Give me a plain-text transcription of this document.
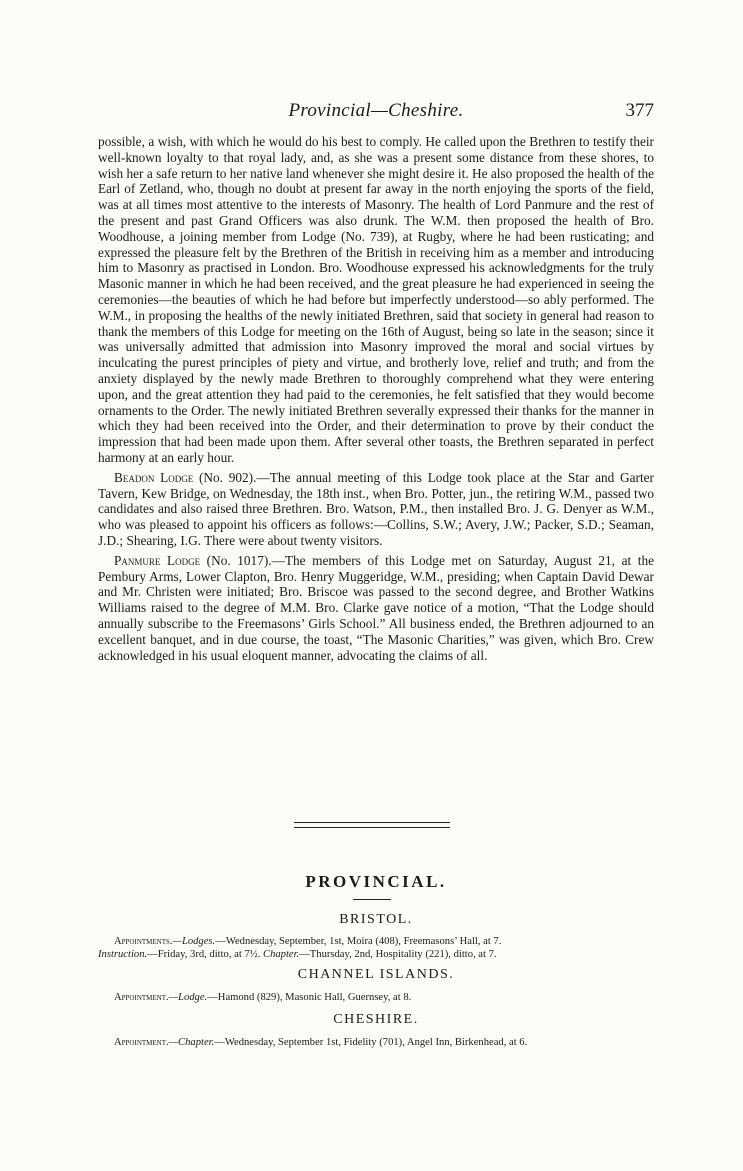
Provincial—Cheshire.	377

possible, a wish, with which he would do his best to comply. He called upon the Brethren to testify their well-known loyalty to that royal lady, and, as she was a present some distance from these shores, to wish her a safe return to her native land whenever she might desire it. He also proposed the health of the Earl of Zetland, who, though no doubt at present far away in the north enjoying the sports of the field, was at all times most attentive to the interests of Masonry. The health of Lord Panmure and the rest of the present and past Grand Officers was also drunk. The W.M. then proposed the health of Bro. Woodhouse, a joining member from Lodge (No. 739), at Rugby, where he had been rusticating; and expressed the pleasure felt by the Brethren of the British in receiving him as a member and introducing him to Masonry as practised in London. Bro. Woodhouse expressed his acknowledgments for the truly Masonic manner in which he had been received, and the great pleasure he had experienced in seeing the ceremonies—the beauties of which he had before but imperfectly understood—so ably performed. The W.M., in proposing the healths of the newly initiated Brethren, said that society in general had reason to thank the members of this Lodge for meeting on the 16th of August, being so late in the season; since it was universally admitted that admission into Masonry improved the moral and social virtues by inculcating the purest principles of piety and virtue, and brotherly love, relief and truth; and from the anxiety displayed by the newly made Brethren to thoroughly comprehend what they were entering upon, and the great attention they had paid to the ceremonies, he felt satisfied that they would become ornaments to the Order. The newly initiated Brethren severally expressed their thanks for the manner in which they had been received into the Order, and their determination to prove by their conduct the impression that had been made upon them. After several other toasts, the Brethren separated in perfect harmony at an early hour.

Beadon Lodge (No. 902).—The annual meeting of this Lodge took place at the Star and Garter Tavern, Kew Bridge, on Wednesday, the 18th inst., when Bro. Potter, jun., the retiring W.M., passed two candidates and also raised three Brethren. Bro. Watson, P.M., then installed Bro. J. G. Denyer as W.M., who was pleased to appoint his officers as follows:—Collins, S.W.; Avery, J.W.; Packer, S.D.; Seaman, J.D.; Shearing, I.G. There were about twenty visitors.

Panmure Lodge (No. 1017).—The members of this Lodge met on Saturday, August 21, at the Pembury Arms, Lower Clapton, Bro. Henry Muggeridge, W.M., presiding; when Captain David Dewar and Mr. Christen were initiated; Bro. Briscoe was passed to the second degree, and Brother Watkins Williams raised to the degree of M.M. Bro. Clarke gave notice of a motion, “That the Lodge should annually subscribe to the Freemasons’ Girls School.” All business ended, the Brethren adjourned to an excellent banquet, and in due course, the toast, “The Masonic Charities,” was given, which Bro. Crew acknowledged in his usual eloquent manner, advocating the claims of all.

PROVINCIAL.
BRISTOL.
Appointments.—Lodges.—Wednesday, September, 1st, Moira (408), Freemasons’ Hall, at 7.
Instruction.—Friday, 3rd, ditto, at 7½. Chapter.—Thursday, 2nd, Hospitality (221), ditto, at 7.
CHANNEL ISLANDS.
Appointment.—Lodge.—Hamond (829), Masonic Hall, Guernsey, at 8.
CHESHIRE.
Appointment.—Chapter.—Wednesday, September 1st, Fidelity (701), Angel Inn, Birkenhead, at 6.
